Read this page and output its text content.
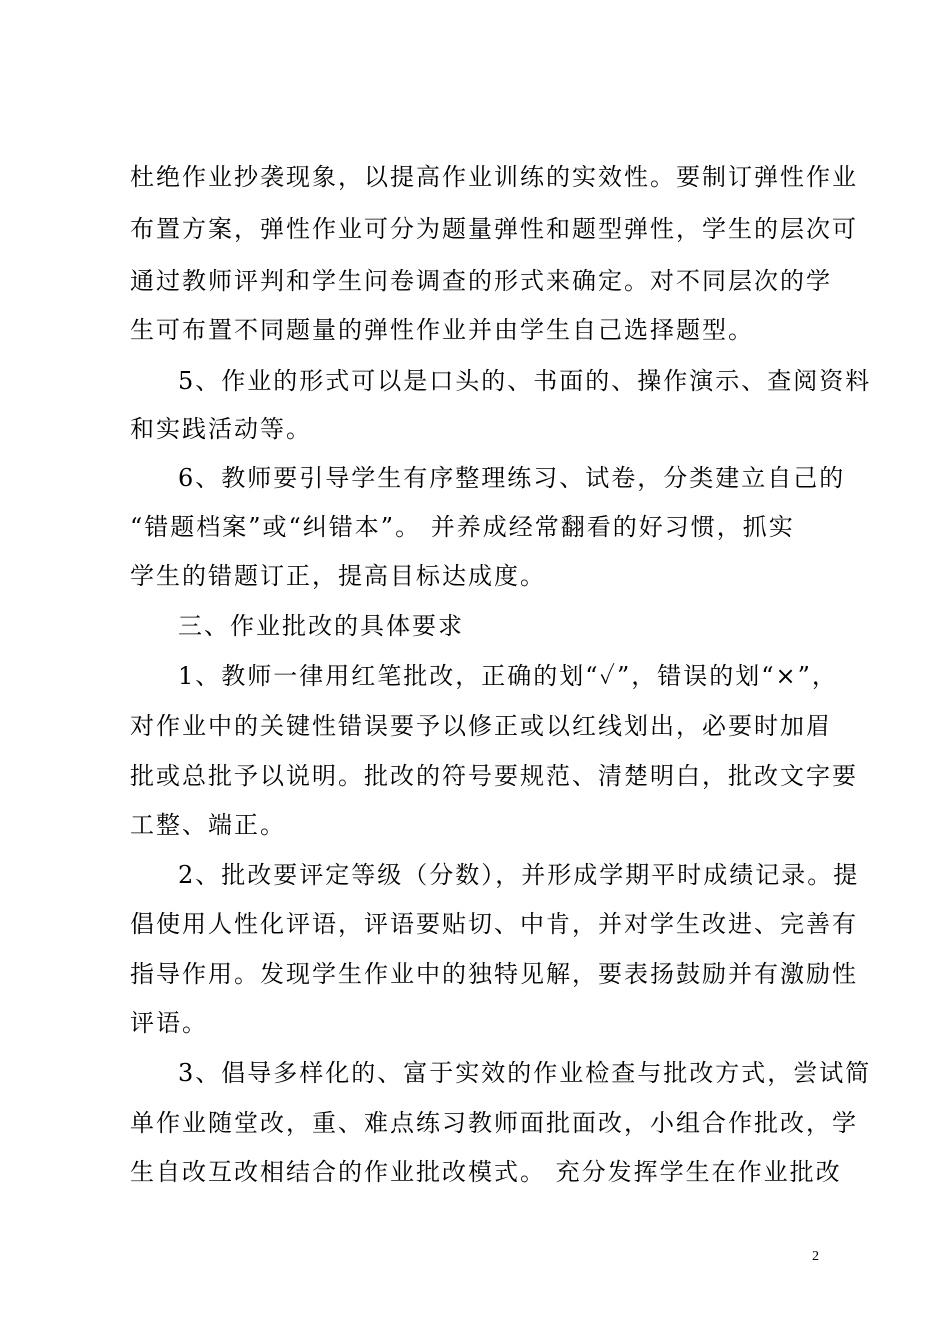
杜绝作业抄袭现象，以提高作业训练的实效性。要制订弹性作业
布置方案，弹性作业可分为题量弹性和题型弹性，学生的层次可
通过教师评判和学生问卷调查的形式来确定。对不同层次的学
生可布置不同题量的弹性作业并由学生自己选择题型。
5、作业的形式可以是口头的、书面的、操作演示、查阅资料
和实践活动等。
6、教师要引导学生有序整理练习、试卷，分类建立自己的
“错题档案”或“纠错本”。 并养成经常翻看的好习惯，抓实
学生的错题订正，提高目标达成度。
三、作业批改的具体要求
1、教师一律用红笔批改，正确的划“✓”，错误的划“×”，
对作业中的关键性错误要予以修正或以红线划出，必要时加眉
批或总批予以说明。批改的符号要规范、清楚明白，批改文字要
工整、端正。
2、批改要评定等级（分数），并形成学期平时成绩记录。提
倡使用人性化评语，评语要贴切、中肯，并对学生改进、完善有
指导作用。发现学生作业中的独特见解，要表扬鼓励并有激励性
评语。
3、倡导多样化的、富于实效的作业检查与批改方式，尝试简
单作业随堂改，重、难点练习教师面批面改，小组合作批改，学
生自改互改相结合的作业批改模式。 充分发挥学生在作业批改
2
